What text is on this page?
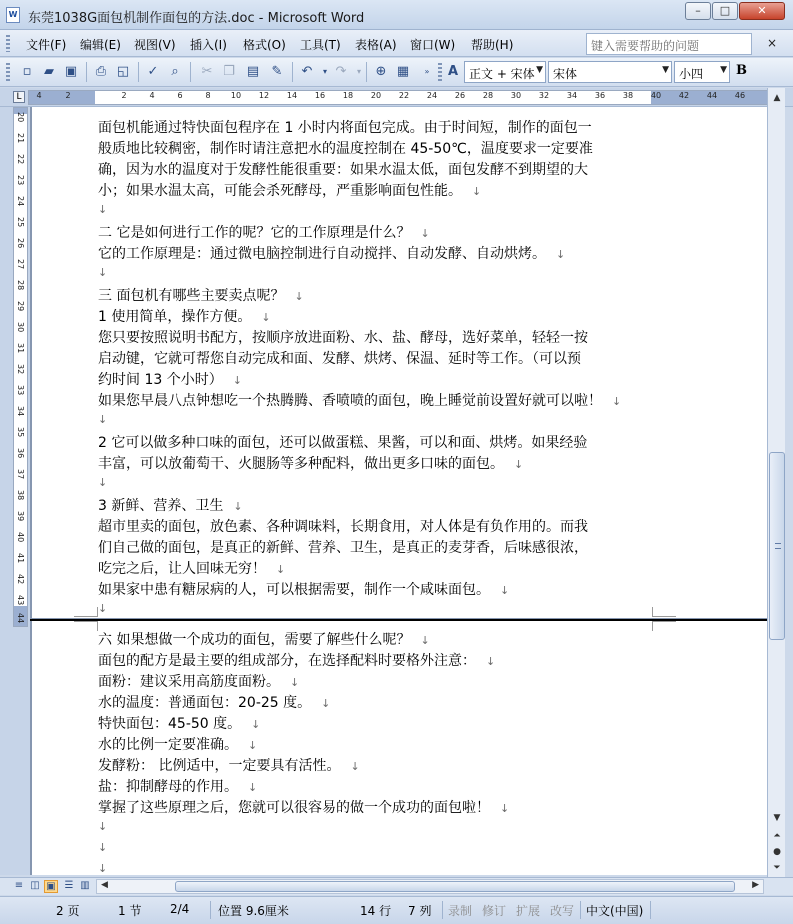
W 东莞1038G面包机制作面包的方法.doc - Microsoft Word
–	□	✕
文件(F) 编辑(E) 视图(V) 插入(I) 格式(O) 工具(T) 表格(A) 窗口(W) 帮助(H)	键入需要帮助的问题	×
▫ ▰ ▣ ⎙ ◱ ✓ ⌕	✂ ❐ ▤ ✎ ↶	▾ ↷	▾	⊕ ▦	»	A 正文 + 宋体 ▼ 宋体	▼ 小四 ▼ B
L	4	2	2	4	6	8	10 12 14 16 18 20 22 24 26 28 30 32 34 36 38 40 42 44 46
20
21
22
23
24
25
26
27
28
29
30
31
32
33
34
35
36
37
38
39
40
41
42
43
44
面包机能通过特快面包程序在 1 小时内将面包完成。由于时间短，制作的面包一
般质地比较稠密，制作时请注意把水的温度控制在 45-50℃，温度要求一定要准
确，因为水的温度对于发酵性能很重要：如果水温太低，面包发酵不到期望的大
小；如果水温太高，可能会杀死酵母，严重影响面包性能。 ↓
↓
二 它是如何进行工作的呢？它的工作原理是什么？ ↓
它的工作原理是：通过微电脑控制进行自动搅拌、自动发酵、自动烘烤。 ↓
↓
三 面包机有哪些主要卖点呢？ ↓
1 使用简单，操作方便。 ↓
您只要按照说明书配方，按顺序放进面粉、水、盐、酵母，选好菜单，轻轻一按
启动键，它就可帮您自动完成和面、发酵、烘烤、保温、延时等工作。（可以预
约时间 13 个小时） ↓
如果您早晨八点钟想吃一个热腾腾、香喷喷的面包，晚上睡觉前设置好就可以啦！ ↓
↓
2 它可以做多种口味的面包，还可以做蛋糕、果酱，可以和面、烘烤。如果经验
丰富，可以放葡萄干、火腿肠等多种配料，做出更多口味的面包。 ↓
↓
3 新鲜、营养、卫生 ↓
超市里卖的面包，放色素、各种调味料，长期食用，对人体是有负作用的。而我
们自己做的面包，是真正的新鲜、营养、卫生，是真正的麦芽香，后味感很浓，
吃完之后，让人回味无穷！ ↓
如果家中患有糖尿病的人，可以根据需要，制作一个咸味面包。 ↓
↓
六 如果想做一个成功的面包，需要了解些什么呢？ ↓
面包的配方是最主要的组成部分，在选择配料时要格外注意： ↓
面粉：建议采用高筋度面粉。 ↓
水的温度：普通面包：20-25 度。 ↓
特快面包：45-50 度。 ↓
水的比例一定要准确。 ↓
发酵粉： 比例适中，一定要具有活性。 ↓
盐：抑制酵母的作用。 ↓
掌握了这些原理之后，您就可以很容易的做一个成功的面包啦！ ↓
↓
↓
↓
▲
▼
⏶
●
⏷
≡ ◫ ▣ ☰ ▥ ◀	▶
2 页	1 节 2/4 位置 9.6厘米	14 行 7 列 录制 修订 扩展 改写 中文(中国)
